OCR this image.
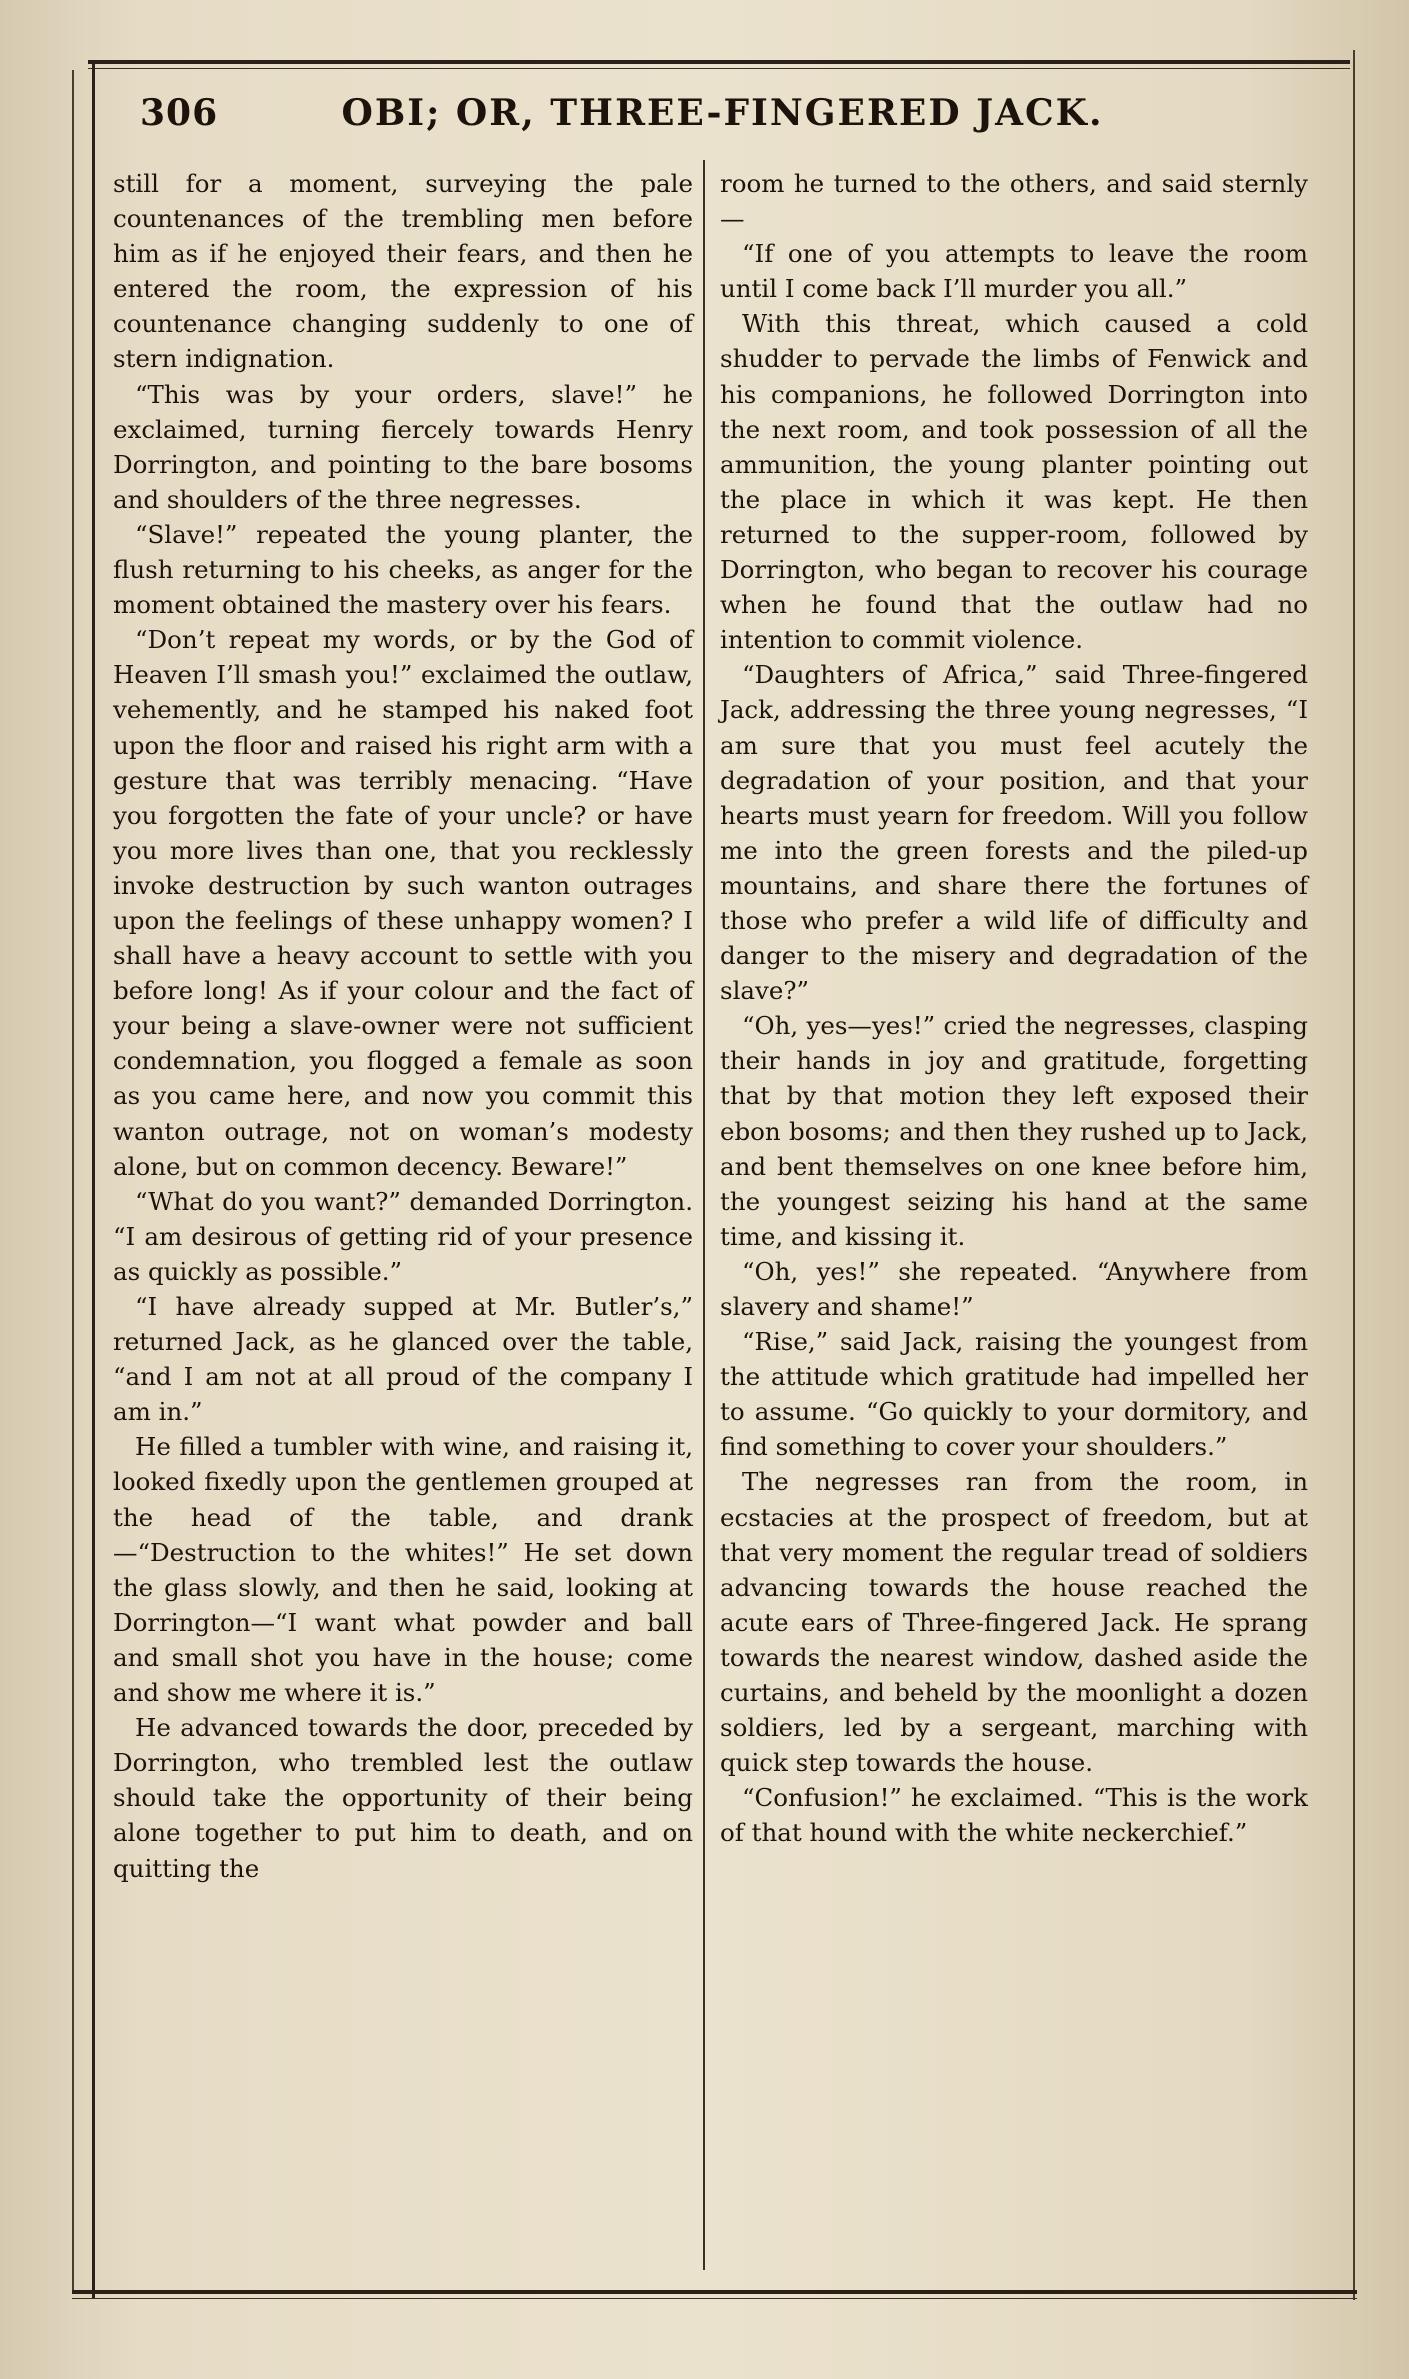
306	OBI; OR, THREE-FINGERED JACK.

still for a moment, surveying the pale countenances of the trembling men before him as if he enjoyed their fears, and then he entered the room, the expression of his countenance changing suddenly to one of stern indignation.

“This was by your orders, slave!” he exclaimed, turning fiercely towards Henry Dorrington, and pointing to the bare bosoms and shoulders of the three negresses.

“Slave!” repeated the young planter, the flush returning to his cheeks, as anger for the moment obtained the mastery over his fears.

“Don’t repeat my words, or by the God of Heaven I’ll smash you!” exclaimed the outlaw, vehemently, and he stamped his naked foot upon the floor and raised his right arm with a gesture that was terribly menacing. “Have you forgotten the fate of your uncle? or have you more lives than one, that you recklessly invoke destruction by such wanton outrages upon the feelings of these unhappy women? I shall have a heavy account to settle with you before long! As if your colour and the fact of your being a slave-owner were not sufficient condemnation, you flogged a female as soon as you came here, and now you commit this wanton outrage, not on woman’s modesty alone, but on common decency. Beware!”

“What do you want?” demanded Dorrington. “I am desirous of getting rid of your presence as quickly as possible.”

“I have already supped at Mr. Butler’s,” returned Jack, as he glanced over the table, “and I am not at all proud of the company I am in.”

He filled a tumbler with wine, and raising it, looked fixedly upon the gentlemen grouped at the head of the table, and drank—“Destruction to the whites!” He set down the glass slowly, and then he said, looking at Dorrington—“I want what powder and ball and small shot you have in the house; come and show me where it is.”

He advanced towards the door, preceded by Dorrington, who trembled lest the outlaw should take the opportunity of their being alone together to put him to death, and on quitting the

room he turned to the others, and said sternly—

“If one of you attempts to leave the room until I come back I’ll murder you all.”

With this threat, which caused a cold shudder to pervade the limbs of Fenwick and his companions, he followed Dorrington into the next room, and took possession of all the ammunition, the young planter pointing out the place in which it was kept. He then returned to the supper-room, followed by Dorrington, who began to recover his courage when he found that the outlaw had no intention to commit violence.

“Daughters of Africa,” said Three-fingered Jack, addressing the three young negresses, “I am sure that you must feel acutely the degradation of your position, and that your hearts must yearn for freedom. Will you follow me into the green forests and the piled-up mountains, and share there the fortunes of those who prefer a wild life of difficulty and danger to the misery and degradation of the slave?”

“Oh, yes—yes!” cried the negresses, clasping their hands in joy and gratitude, forgetting that by that motion they left exposed their ebon bosoms; and then they rushed up to Jack, and bent themselves on one knee before him, the youngest seizing his hand at the same time, and kissing it.

“Oh, yes!” she repeated. “Anywhere from slavery and shame!”

“Rise,” said Jack, raising the youngest from the attitude which gratitude had impelled her to assume. “Go quickly to your dormitory, and find something to cover your shoulders.”

The negresses ran from the room, in ecstacies at the prospect of freedom, but at that very moment the regular tread of soldiers advancing towards the house reached the acute ears of Three-fingered Jack. He sprang towards the nearest window, dashed aside the curtains, and beheld by the moonlight a dozen soldiers, led by a sergeant, marching with quick step towards the house.

“Confusion!” he exclaimed. “This is the work of that hound with the white neckerchief.”
